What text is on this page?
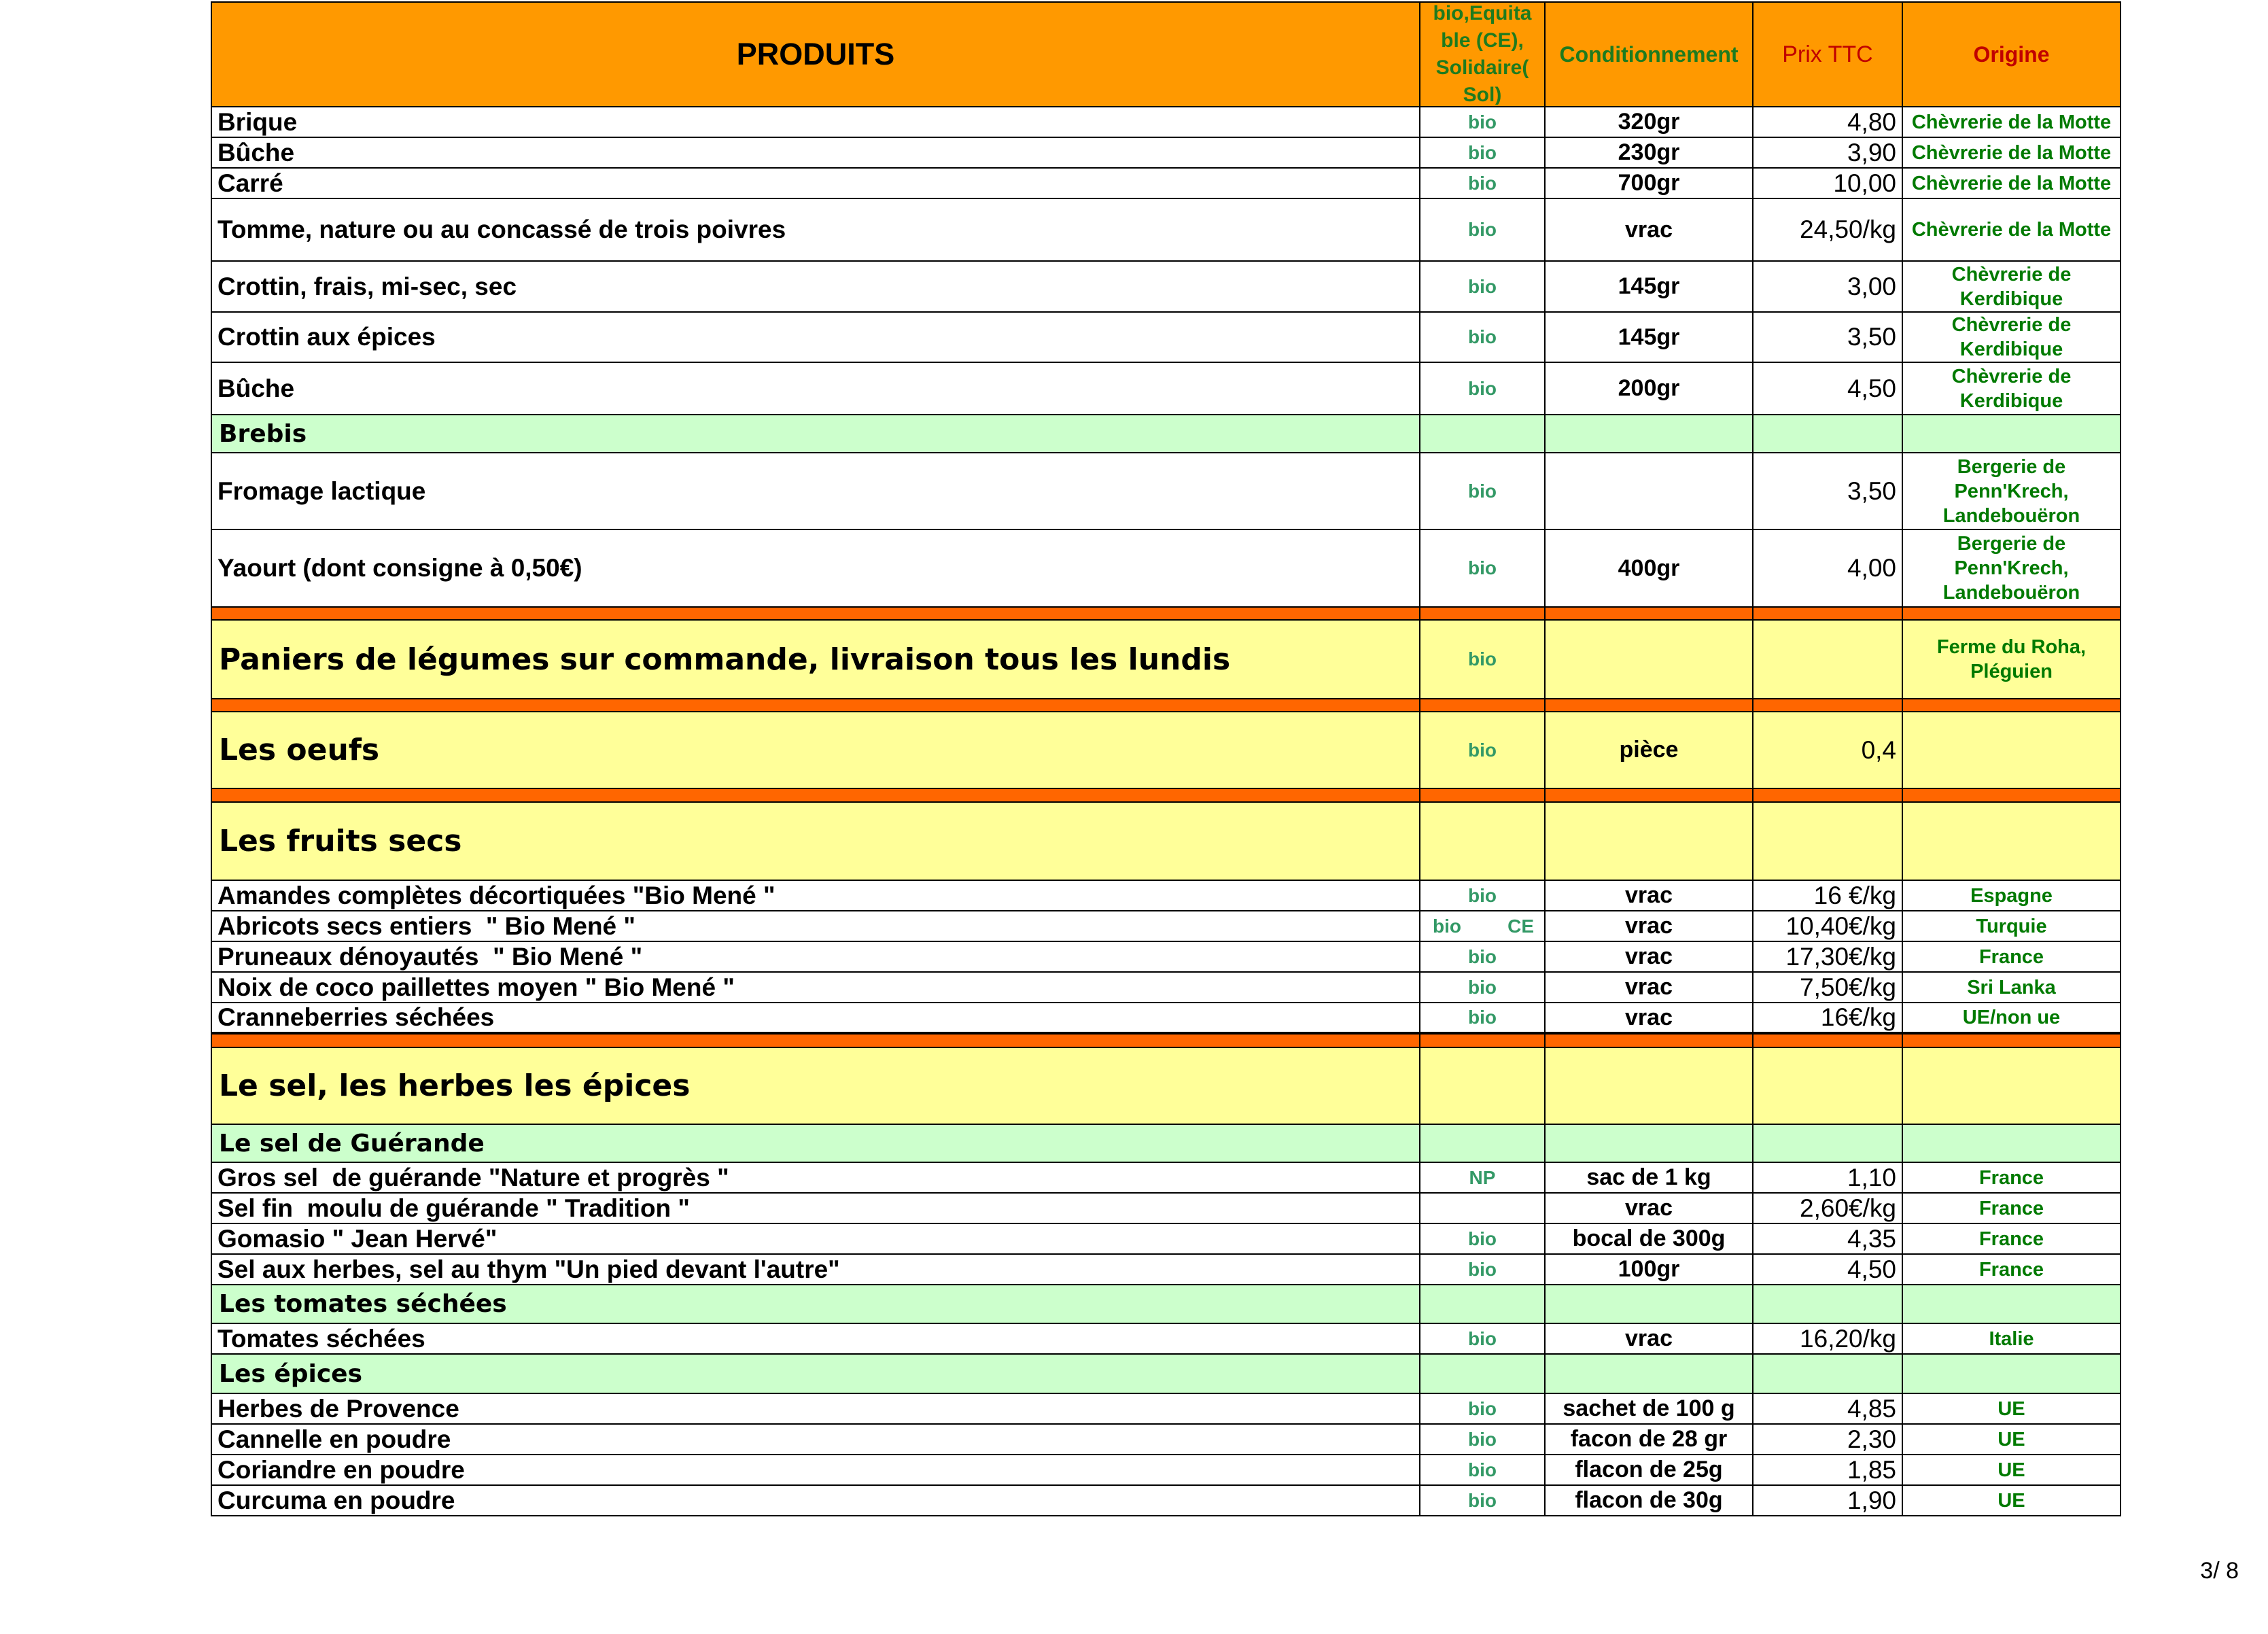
PRODUITS	bio,Equitable (CE), Solidaire( Sol)	Conditionnement	Prix TTC	Origine
Brique	bio	320gr	4,80	Chèvrerie de la Motte
Bûche	bio	230gr	3,90	Chèvrerie de la Motte
Carré	bio	700gr	10,00	Chèvrerie de la Motte
Tomme, nature ou au concassé de trois poivres	bio	vrac	24,50/kg	Chèvrerie de la Motte
Crottin, frais, mi-sec, sec	bio	145gr	3,00	Chèvrerie de Kerdibique
Crottin aux épices	bio	145gr	3,50	Chèvrerie de Kerdibique
Bûche	bio	200gr	4,50	Chèvrerie de Kerdibique
Brebis				
Fromage lactique	bio		3,50	Bergerie de Penn'Krech, Landebouëron
Yaourt (dont consigne à 0,50€)	bio	400gr	4,00	Bergerie de Penn'Krech, Landebouëron

Paniers de légumes sur commande, livraison tous les lundis	bio			Ferme du Roha, Pléguien

Les oeufs	bio	pièce	0,4	

Les fruits secs				
Amandes complètes décortiquées "Bio Mené "	bio	vrac	16 €/kg	Espagne
Abricots secs entiers  " Bio Mené "	bio CE	vrac	10,40€/kg	Turquie
Pruneaux dénoyautés  " Bio Mené "	bio	vrac	17,30€/kg	France
Noix de coco paillettes moyen " Bio Mené "	bio	vrac	7,50€/kg	Sri Lanka
Cranneberries séchées	bio	vrac	16€/kg	UE/non ue

Le sel, les herbes les épices				
Le sel de Guérande				
Gros sel  de guérande "Nature et progrès "	NP	sac de 1 kg	1,10	France
Sel fin  moulu de guérande " Tradition "		vrac	2,60€/kg	France
Gomasio " Jean Hervé"	bio	bocal de 300g	4,35	France
Sel aux herbes, sel au thym "Un pied devant l'autre"	bio	100gr	4,50	France
Les tomates séchées				
Tomates séchées	bio	vrac	16,20/kg	Italie
Les épices				
Herbes de Provence	bio	sachet de 100 g	4,85	UE
Cannelle en poudre	bio	facon de 28 gr	2,30	UE
Coriandre en poudre	bio	flacon de 25g	1,85	UE
Curcuma en poudre	bio	flacon de 30g	1,90	UE
3/ 8
